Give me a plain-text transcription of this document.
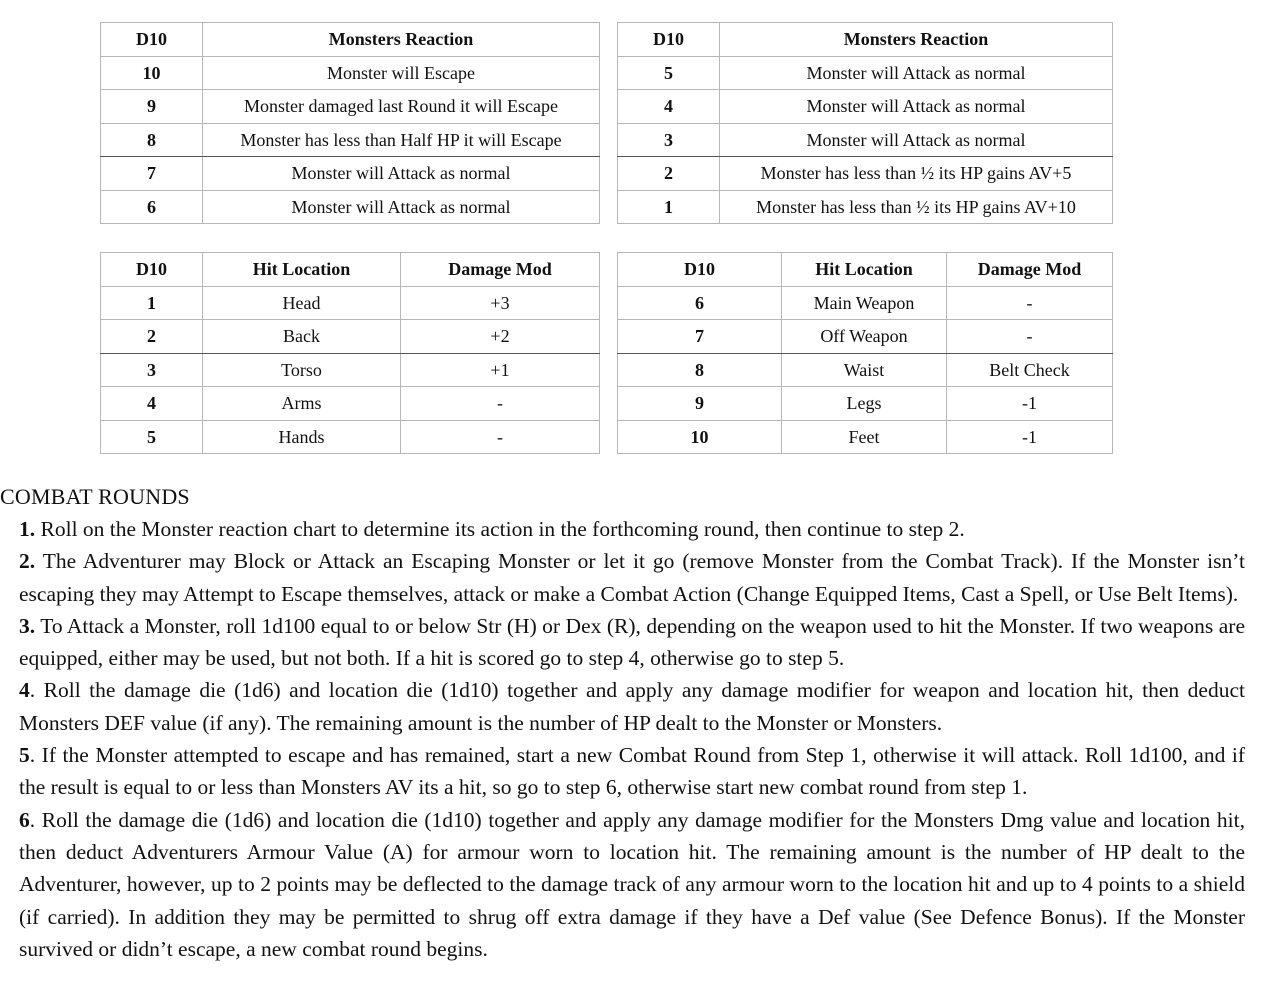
D10	Monsters Reaction
10	Monster will Escape
9	Monster damaged last Round it will Escape
8	Monster has less than Half HP it will Escape
7	Monster will Attack as normal
6	Monster will Attack as normal
D10	Monsters Reaction
5	Monster will Attack as normal
4	Monster will Attack as normal
3	Monster will Attack as normal
2	Monster has less than ½ its HP gains AV+5
1	Monster has less than ½ its HP gains AV+10
D10	Hit Location	Damage Mod
1	Head	+3
2	Back	+2
3	Torso	+1
4	Arms	-
5	Hands	-
D10	Hit Location	Damage Mod
6	Main Weapon	-
7	Off Weapon	-
8	Waist	Belt Check
9	Legs	-1
10	Feet	-1
COMBAT ROUNDS

1. Roll on the Monster reaction chart to determine its action in the forthcoming round, then continue to step 2.

2. The Adventurer may Block or Attack an Escaping Monster or let it go (remove Monster from the Combat Track). If the Monster isn’t escaping they may Attempt to Escape themselves, attack or make a Combat Action (Change Equipped Items, Cast a Spell, or Use Belt Items).

3. To Attack a Monster, roll 1d100 equal to or below Str (H) or Dex (R), depending on the weapon used to hit the Monster. If two weapons are equipped, either may be used, but not both. If a hit is scored go to step 4, otherwise go to step 5.

4. Roll the damage die (1d6) and location die (1d10) together and apply any damage modifier for weapon and location hit, then deduct Monsters DEF value (if any). The remaining amount is the number of HP dealt to the Monster or Monsters.

5. If the Monster attempted to escape and has remained, start a new Combat Round from Step 1, otherwise it will attack. Roll 1d100, and if the result is equal to or less than Monsters AV its a hit, so go to step 6, otherwise start new combat round from step 1.

6. Roll the damage die (1d6) and location die (1d10) together and apply any damage modifier for the Monsters Dmg value and location hit, then deduct Adventurers Armour Value (A) for armour worn to location hit. The remaining amount is the number of HP dealt to the Adventurer, however, up to 2 points may be deflected to the damage track of any armour worn to the location hit and up to 4 points to a shield (if carried). In addition they may be permitted to shrug off extra damage if they have a Def value (See Defence Bonus). If the Monster survived or didn’t escape, a new combat round begins.
